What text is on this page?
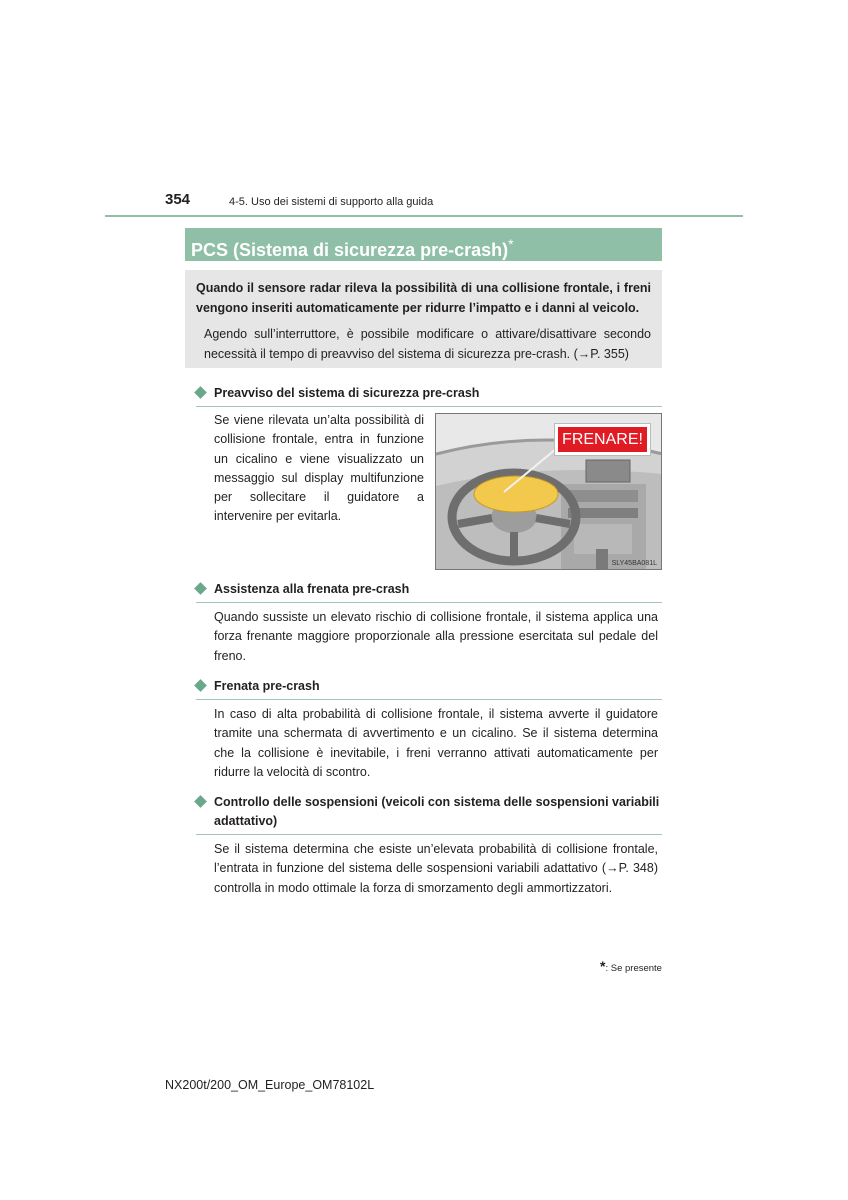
354	4-5. Uso dei sistemi di supporto alla guida
PCS (Sistema di sicurezza pre-crash)*
Quando il sensore radar rileva la possibilità di una collisione frontale, i freni vengono inseriti automaticamente per ridurre l’impatto e i danni al veicolo.
Agendo sull’interruttore, è possibile modificare o attivare/disattivare secondo necessità il tempo di preavviso del sistema di sicurezza pre-crash. (→P. 355)
Preavviso del sistema di sicurezza pre-crash
Se viene rilevata un’alta possibilità di collisione frontale, entra in funzione un cicalino e viene visualizzato un messaggio sul display multifunzione per sollecitare il guidatore a intervenire per evitarla.
FRENARE!
SLY45BA081L
Assistenza alla frenata pre-crash
Quando sussiste un elevato rischio di collisione frontale, il sistema applica una forza frenante maggiore proporzionale alla pressione esercitata sul pedale del freno.
Frenata pre-crash
In caso di alta probabilità di collisione frontale, il sistema avverte il guidatore tramite una schermata di avvertimento e un cicalino. Se il sistema determina che la collisione è inevitabile, i freni verranno attivati automaticamente per ridurre la velocità di scontro.
Controllo delle sospensioni (veicoli con sistema delle sospensioni variabili adattativo)
Se il sistema determina che esiste un’elevata probabilità di collisione frontale, l’entrata in funzione del sistema delle sospensioni variabili adattativo (→P. 348) controlla in modo ottimale la forza di smorzamento degli ammortizzatori.
*: Se presente
NX200t/200_OM_Europe_OM78102L
